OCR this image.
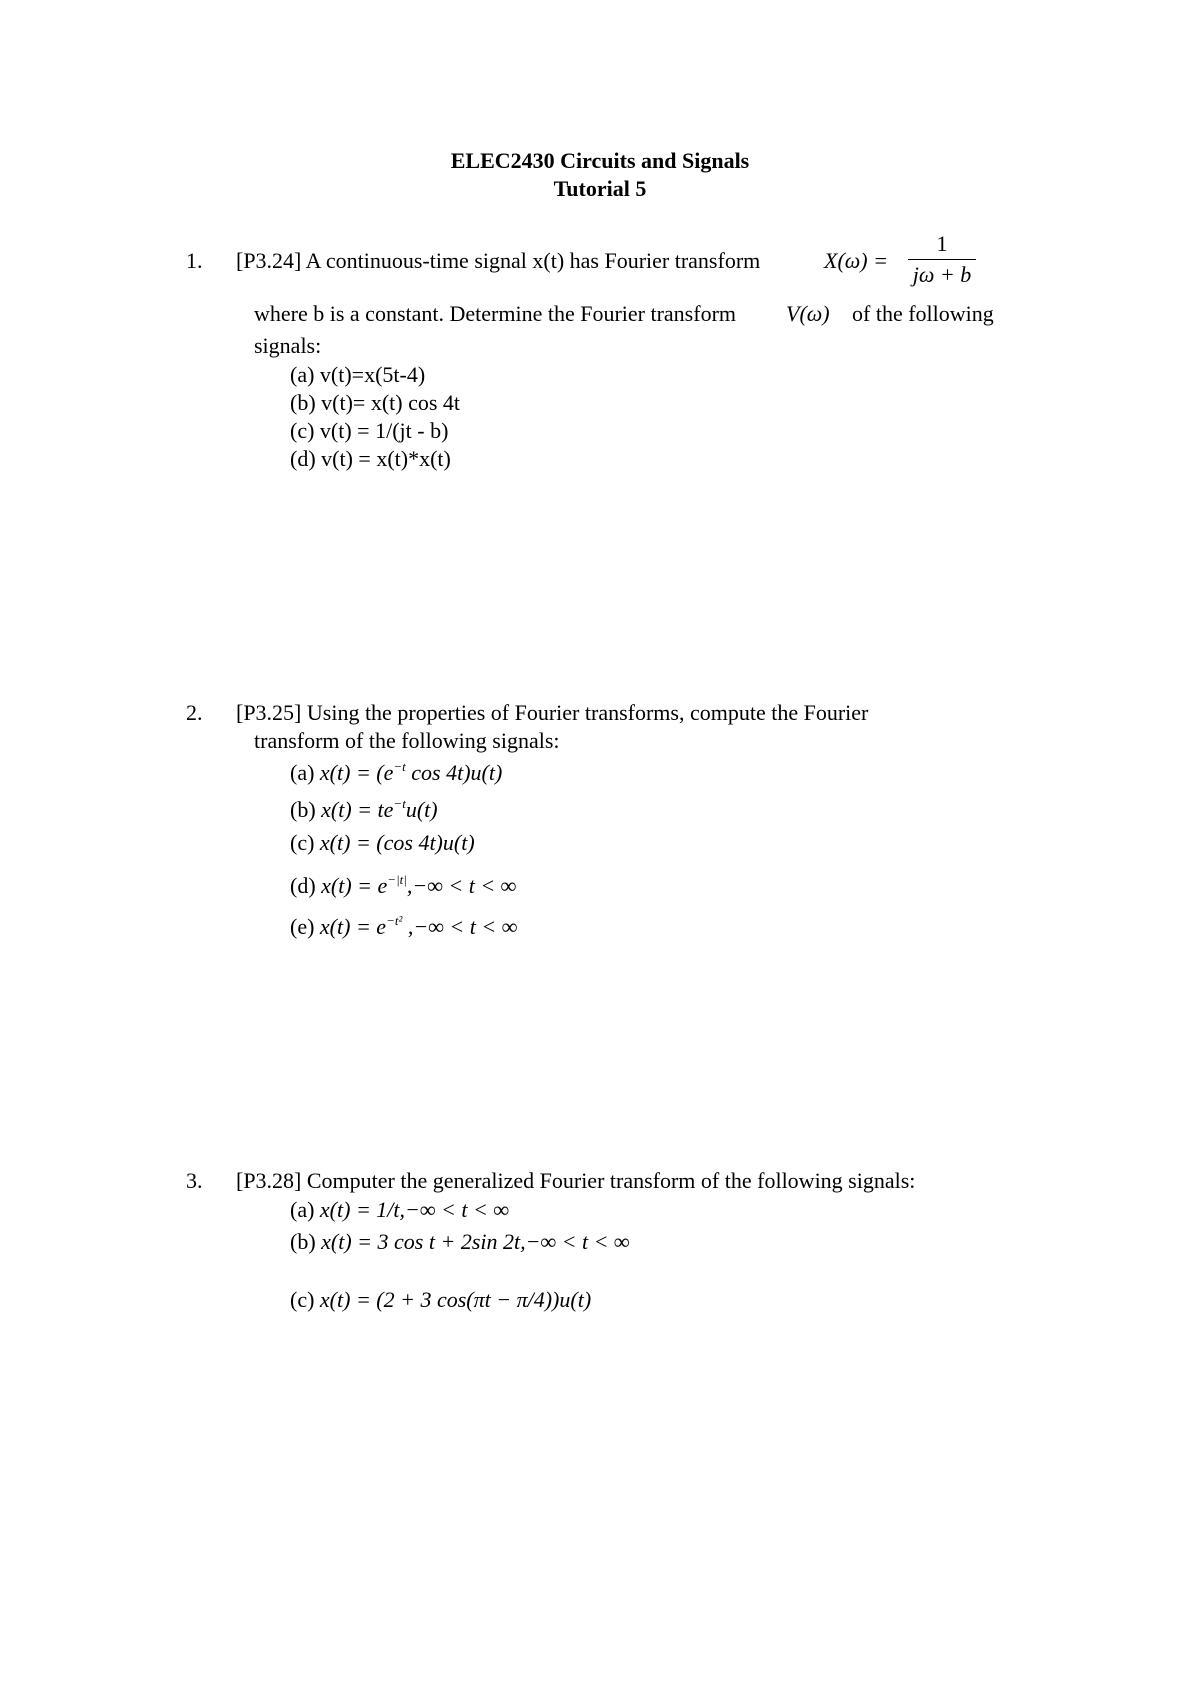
ELEC2430 Circuits and Signals
Tutorial 5
1. [P3.24] A continuous-time signal x(t) has Fourier transform	X(ω) =
1
jω + b
where b is a constant. Determine the Fourier transform V(ω) of the following
signals:
(a) v(t)=x(5t-4)
(b) v(t)= x(t) cos 4t
(c) v(t) = 1/(jt - b)
(d) v(t) = x(t)*x(t)
2. [P3.25] Using the properties of Fourier transforms, compute the Fourier
transform of the following signals:
(a) $x(t) = (e^{-t}$ cos 4t)u(t)
(b) $x(t) = te^{-t}u(t)$
(c) x(t) = (cos 4t)u(t)
(d) $x(t) = e^{-|t|},-\infty < t$ < ∞
(e) $x(t) = e^{-t^2}$ ,−∞ < t < ∞
3. [P3.28] Computer the generalized Fourier transform of the following signals:
(a) x(t) = 1/t,−∞ < t < ∞
(b) x(t) = 3 cos t + 2sin 2t,−∞ < t < ∞
(c) x(t) = (2 + 3 cos(πt − π/4))u(t)
